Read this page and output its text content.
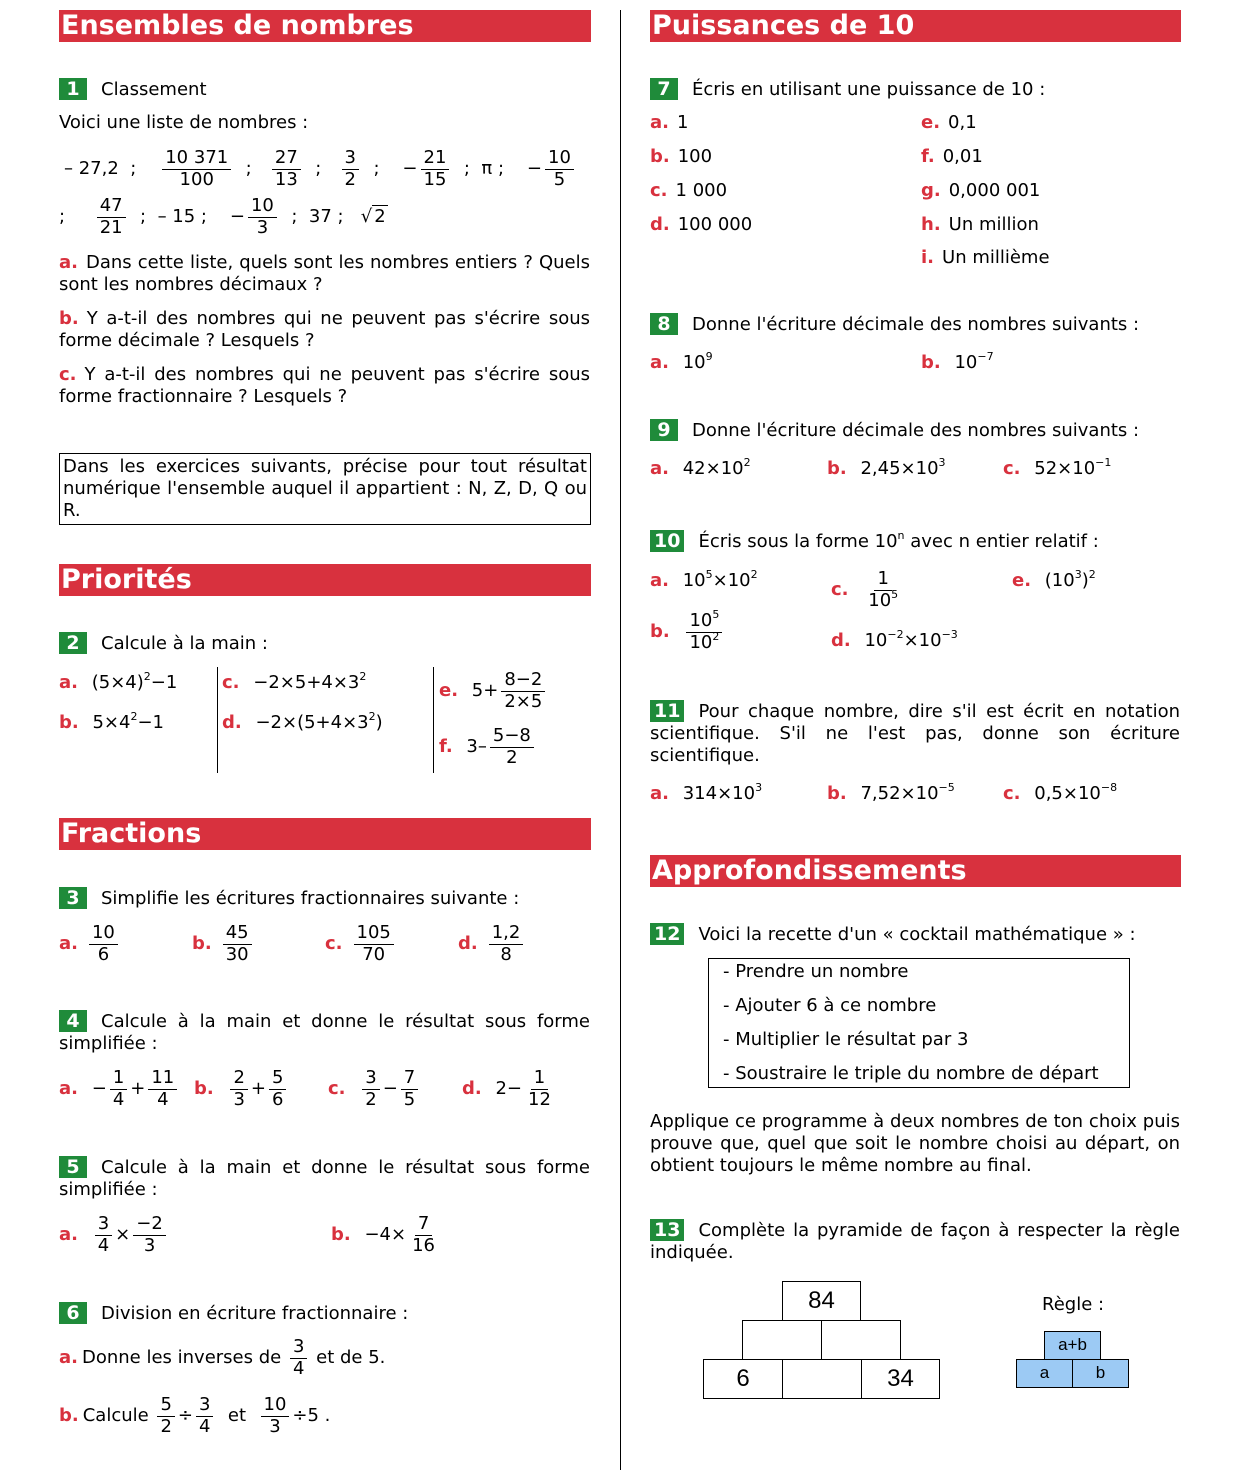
Ensembles de nombres
1 Classement
Voici une liste de nombres :
– 27,2 ; $\frac{10 371}{100}$ ; $\frac{27}{13}$ ; $\frac{3}{2}$ ; − $\frac{21}{15}$ ; π ; − $\frac{10}{5}$
; $\frac{47}{21}$ ; – 15 ; − $\frac{10}{3}$ ; 37 ; √ 2
a. Dans cette liste, quels sont les nombres entiers ? Quels sont les nombres décimaux ?
b. Y a-t-il des nombres qui ne peuvent pas s'écrire sous forme décimale ? Lesquels ?
c. Y a-t-il des nombres qui ne peuvent pas s'écrire sous forme fractionnaire ? Lesquels ?
Dans les exercices suivants, précise pour tout résultat numérique l'ensemble auquel il appartient : N, Z, D, Q ou R.
Priorités
2 Calcule à la main :
a. $(5\times 4)^2-1$
b. $5\times 4^2-1$
c. $-2\times 5+4\times 3^2$
d. $-2\times(5+4\times 3^2)$
e. $5+ \frac{8-2}{2\times 5}$
f. $3- \frac{5-8}{2}$
Fractions
3 Simplifie les écritures fractionnaires suivante :
a. $\frac{10}{6}$	b. $\frac{45}{30}$	c. $\frac{105}{70}$	d. $\frac{1,2}{8}$
4 Calcule à la main et donne le résultat sous forme simplifiée :
a. − $\frac{1}{4} + \frac{11}{4} b$. $\frac{2}{3} + \frac{5}{6} c$. $\frac{3}{2} - \frac{7}{5} d$. $2- \frac{1}{12}$
5 Calcule à la main et donne le résultat sous forme simplifiée :
a. $\frac{3}{4} \times \frac{-2}{3}$	b. $-4\times \frac{7}{16}$
6 Division en écriture fractionnaire :
a. Donne les inverses de $\frac{3}{4}$ et de 5.
b. Calcule $\frac{5}{2} \div \frac{3}{4}$ et $\frac{10}{3} \div 5$ .
Puissances de 10
7 Écris en utilisant une puissance de 10 :
a. 1
b. 100
c. 1 000
d. 100 000
e. 0,1
f. 0,01
g. 0,000 001
h. Un million
i. Un millième
8 Donne l'écriture décimale des nombres suivants :
a. $10^9$	b. $10^{-7}$
9 Donne l'écriture décimale des nombres suivants :
a. $42\times 10^2$	b. $2,45\times 10^3$	c. $52\times 10^{-1}$
10 Écris sous la forme 10$^n$ avec n entier relatif :
a. $10^5\times 10^2$
b. $\frac{10^5}{10^2}$
c. $\frac{1}{10^5}$
d. $10^{-2}\times 10^{-3}$
e. $(10^3)^2$
11 Pour chaque nombre, dire s'il est écrit en notation scientifique. S'il ne l'est pas, donne son écriture scientifique.
a. $314\times 10^3$	b. $7,52\times 10^{-5}$	c. $0,5\times 10^{-8}$
Approfondissements
12 Voici la recette d'un « cocktail mathématique » :
- Prendre un nombre
- Ajouter 6 à ce nombre
- Multiplier le résultat par 3
- Soustraire le triple du nombre de départ
Applique ce programme à deux nombres de ton choix puis prouve que, quel que soit le nombre choisi au départ, on obtient toujours le même nombre au final.
13 Complète la pyramide de façon à respecter la règle indiquée.
84
6	34
Règle :
a+b
a	b
